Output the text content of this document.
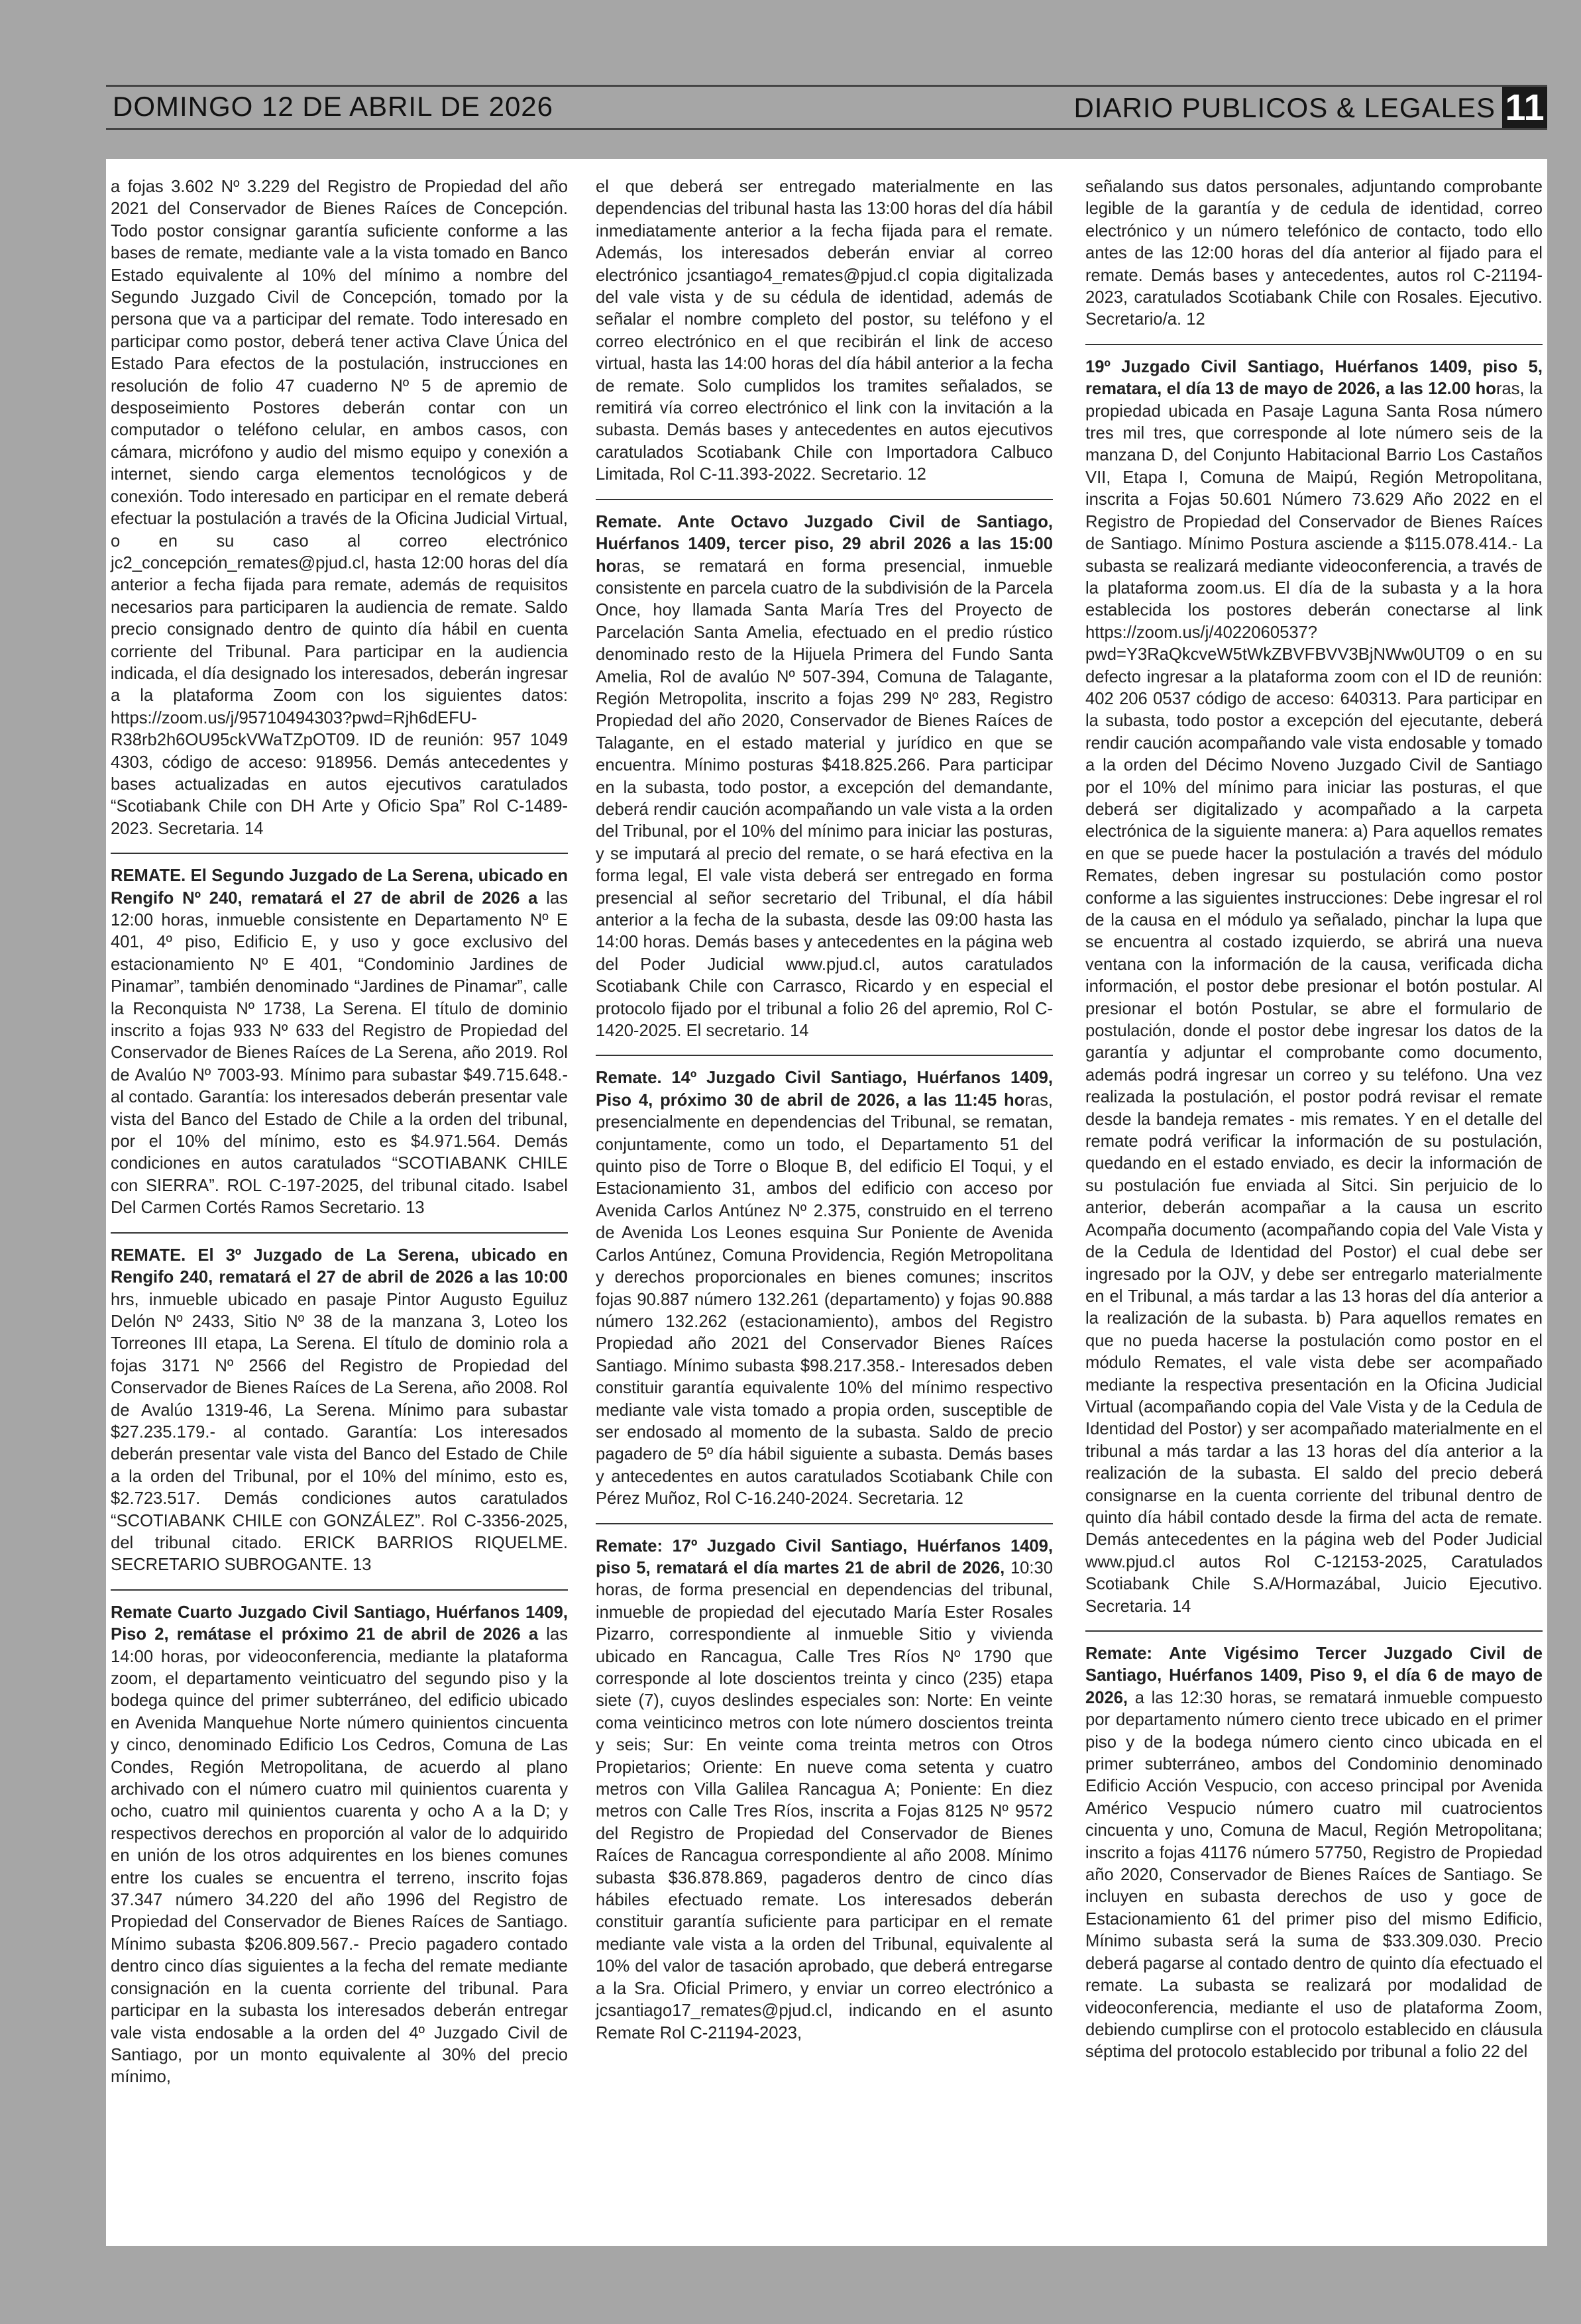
DOMINGO 12 DE ABRIL DE 2026	DIARIO PUBLICOS & LEGALES 11

a fojas 3.602 Nº 3.229 del Registro de Propiedad del año 2021 del Conservador de Bienes Raíces de Concepción. Todo postor consignar garantía suficiente conforme a las bases de remate, mediante vale a la vista tomado en Banco Estado equivalente al 10% del mínimo a nombre del Segundo Juzgado Civil de Concepción, tomado por la persona que va a participar del remate. Todo interesado en participar como postor, deberá tener activa Clave Única del Estado Para efectos de la postulación, instrucciones en resolución de folio 47 cuaderno Nº 5 de apremio de desposeimiento Postores deberán contar con un computador o teléfono celular, en ambos casos, con cámara, micrófono y audio del mismo equipo y conexión a internet, siendo carga elementos tecnológicos y de conexión. Todo interesado en participar en el remate deberá efectuar la postulación a través de la Oficina Judicial Virtual, o en su caso al correo electrónico jc2_concepción_remates@pjud.cl, hasta 12:00 horas del día anterior a fecha fijada para remate, además de requisitos necesarios para participaren la audiencia de remate. Saldo precio consignado dentro de quinto día hábil en cuenta corriente del Tribunal. Para participar en la audiencia indicada, el día designado los interesados, deberán ingresar a la plataforma Zoom con los siguientes datos: https://zoom.us/j/95710494303?pwd=Rjh6dEFU-R38rb2h6OU95ckVWaTZpOT09. ID de reunión: 957 1049 4303, código de acceso: 918956. Demás antecedentes y bases actualizadas en autos ejecutivos caratulados “Scotiabank Chile con DH Arte y Oficio Spa” Rol C-1489-2023. Secretaria. 14

REMATE. El Segundo Juzgado de La Serena, ubicado en Rengifo Nº 240, rematará el 27 de abril de 2026 a las 12:00 horas, inmueble consistente en Departamento Nº E 401, 4º piso, Edificio E, y uso y goce exclusivo del estacionamiento Nº E 401, “Condominio Jardines de Pinamar”, también denominado “Jardines de Pinamar”, calle la Reconquista Nº 1738, La Serena. El título de dominio inscrito a fojas 933 Nº 633 del Registro de Propiedad del Conservador de Bienes Raíces de La Serena, año 2019. Rol de Avalúo Nº 7003-93. Mínimo para subastar $49.715.648.- al contado. Garantía: los interesados deberán presentar vale vista del Banco del Estado de Chile a la orden del tribunal, por el 10% del mínimo, esto es $4.971.564. Demás condiciones en autos caratulados “SCOTIABANK CHILE con SIERRA”. ROL C-197-2025, del tribunal citado. Isabel Del Carmen Cortés Ramos Secretario. 13

REMATE. El 3º Juzgado de La Serena, ubicado en Rengifo 240, rematará el 27 de abril de 2026 a las 10:00 hrs, inmueble ubicado en pasaje Pintor Augusto Eguiluz Delón Nº 2433, Sitio Nº 38 de la manzana 3, Loteo los Torreones III etapa, La Serena. El título de dominio rola a fojas 3171 Nº 2566 del Registro de Propiedad del Conservador de Bienes Raíces de La Serena, año 2008. Rol de Avalúo 1319-46, La Serena. Mínimo para subastar $27.235.179.- al contado. Garantía: Los interesados deberán presentar vale vista del Banco del Estado de Chile a la orden del Tribunal, por el 10% del mínimo, esto es, $2.723.517. Demás condiciones autos caratulados “SCOTIABANK CHILE con GONZÁLEZ”. Rol C-3356-2025, del tribunal citado. ERICK BARRIOS RIQUELME. SECRETARIO SUBROGANTE. 13

Remate Cuarto Juzgado Civil Santiago, Huérfanos 1409, Piso 2, remátase el próximo 21 de abril de 2026 a las 14:00 horas, por videoconferencia, mediante la plataforma zoom, el departamento veinticuatro del segundo piso y la bodega quince del primer subterráneo, del edificio ubicado en Avenida Manquehue Norte número quinientos cincuenta y cinco, denominado Edificio Los Cedros, Comuna de Las Condes, Región Metropolitana, de acuerdo al plano archivado con el número cuatro mil quinientos cuarenta y ocho, cuatro mil quinientos cuarenta y ocho A a la D; y respectivos derechos en proporción al valor de lo adquirido en unión de los otros adquirentes en los bienes comunes entre los cuales se encuentra el terreno, inscrito fojas 37.347 número 34.220 del año 1996 del Registro de Propiedad del Conservador de Bienes Raíces de Santiago. Mínimo subasta $206.809.567.- Precio pagadero contado dentro cinco días siguientes a la fecha del remate mediante consignación en la cuenta corriente del tribunal. Para participar en la subasta los interesados deberán entregar vale vista endosable a la orden del 4º Juzgado Civil de Santiago, por un monto equivalente al 30% del precio mínimo,

el que deberá ser entregado materialmente en las dependencias del tribunal hasta las 13:00 horas del día hábil inmediatamente anterior a la fecha fijada para el remate. Además, los interesados deberán enviar al correo electrónico jcsantiago4_remates@pjud.cl copia digitalizada del vale vista y de su cédula de identidad, además de señalar el nombre completo del postor, su teléfono y el correo electrónico en el que recibirán el link de acceso virtual, hasta las 14:00 horas del día hábil anterior a la fecha de remate. Solo cumplidos los tramites señalados, se remitirá vía correo electrónico el link con la invitación a la subasta. Demás bases y antecedentes en autos ejecutivos caratulados Scotiabank Chile con Importadora Calbuco Limitada, Rol C-11.393-2022. Secretario. 12

Remate. Ante Octavo Juzgado Civil de Santiago, Huérfanos 1409, tercer piso, 29 abril 2026 a las 15:00 horas, se rematará en forma presencial, inmueble consistente en parcela cuatro de la subdivisión de la Parcela Once, hoy llamada Santa María Tres del Proyecto de Parcelación Santa Amelia, efectuado en el predio rústico denominado resto de la Hijuela Primera del Fundo Santa Amelia, Rol de avalúo Nº 507-394, Comuna de Talagante, Región Metropolita, inscrito a fojas 299 Nº 283, Registro Propiedad del año 2020, Conservador de Bienes Raíces de Talagante, en el estado material y jurídico en que se encuentra. Mínimo posturas $418.825.266. Para participar en la subasta, todo postor, a excepción del demandante, deberá rendir caución acompañando un vale vista a la orden del Tribunal, por el 10% del mínimo para iniciar las posturas, y se imputará al precio del remate, o se hará efectiva en la forma legal, El vale vista deberá ser entregado en forma presencial al señor secretario del Tribunal, el día hábil anterior a la fecha de la subasta, desde las 09:00 hasta las 14:00 horas. Demás bases y antecedentes en la página web del Poder Judicial www.pjud.cl, autos caratulados Scotiabank Chile con Carrasco, Ricardo y en especial el protocolo fijado por el tribunal a folio 26 del apremio, Rol C-1420-2025. El secretario. 14

Remate. 14º Juzgado Civil Santiago, Huérfanos 1409, Piso 4, próximo 30 de abril de 2026, a las 11:45 horas, presencialmente en dependencias del Tribunal, se rematan, conjuntamente, como un todo, el Departamento 51 del quinto piso de Torre o Bloque B, del edificio El Toqui, y el Estacionamiento 31, ambos del edificio con acceso por Avenida Carlos Antúnez Nº 2.375, construido en el terreno de Avenida Los Leones esquina Sur Poniente de Avenida Carlos Antúnez, Comuna Providencia, Región Metropolitana y derechos proporcionales en bienes comunes; inscritos fojas 90.887 número 132.261 (departamento) y fojas 90.888 número 132.262 (estacionamiento), ambos del Registro Propiedad año 2021 del Conservador Bienes Raíces Santiago. Mínimo subasta $98.217.358.- Interesados deben constituir garantía equivalente 10% del mínimo respectivo mediante vale vista tomado a propia orden, susceptible de ser endosado al momento de la subasta. Saldo de precio pagadero de 5º día hábil siguiente a subasta. Demás bases y antecedentes en autos caratulados Scotiabank Chile con Pérez Muñoz, Rol C-16.240-2024. Secretaria. 12

Remate: 17º Juzgado Civil Santiago, Huérfanos 1409, piso 5, rematará el día martes 21 de abril de 2026, 10:30 horas, de forma presencial en dependencias del tribunal, inmueble de propiedad del ejecutado María Ester Rosales Pizarro, correspondiente al inmueble Sitio y vivienda ubicado en Rancagua, Calle Tres Ríos Nº 1790 que corresponde al lote doscientos treinta y cinco (235) etapa siete (7), cuyos deslindes especiales son: Norte: En veinte coma veinticinco metros con lote número doscientos treinta y seis; Sur: En veinte coma treinta metros con Otros Propietarios; Oriente: En nueve coma setenta y cuatro metros con Villa Galilea Rancagua A; Poniente: En diez metros con Calle Tres Ríos, inscrita a Fojas 8125 Nº 9572 del Registro de Propiedad del Conservador de Bienes Raíces de Rancagua correspondiente al año 2008. Mínimo subasta $36.878.869, pagaderos dentro de cinco días hábiles efectuado remate. Los interesados deberán constituir garantía suficiente para participar en el remate mediante vale vista a la orden del Tribunal, equivalente al 10% del valor de tasación aprobado, que deberá entregarse a la Sra. Oficial Primero, y enviar un correo electrónico a jcsantiago17_remates@pjud.cl, indicando en el asunto Remate Rol C-21194-2023,

señalando sus datos personales, adjuntando comprobante legible de la garantía y de cedula de identidad, correo electrónico y un número telefónico de contacto, todo ello antes de las 12:00 horas del día anterior al fijado para el remate. Demás bases y antecedentes, autos rol C-21194-2023, caratulados Scotiabank Chile con Rosales. Ejecutivo. Secretario/a. 12

19º Juzgado Civil Santiago, Huérfanos 1409, piso 5, rematara, el día 13 de mayo de 2026, a las 12.00 horas, la propiedad ubicada en Pasaje Laguna Santa Rosa número tres mil tres, que corresponde al lote número seis de la manzana D, del Conjunto Habitacional Barrio Los Castaños VII, Etapa I, Comuna de Maipú, Región Metropolitana, inscrita a Fojas 50.601 Número 73.629 Año 2022 en el Registro de Propiedad del Conservador de Bienes Raíces de Santiago. Mínimo Postura asciende a $115.078.414.- La subasta se realizará mediante videoconferencia, a través de la plataforma zoom.us. El día de la subasta y a la hora establecida los postores deberán conectarse al link https://zoom.us/j/4022060537?pwd=Y3RaQkcveW5tWkZBVFBVV3BjNWw0UT09 o en su defecto ingresar a la plataforma zoom con el ID de reunión: 402 206 0537 código de acceso: 640313. Para participar en la subasta, todo postor a excepción del ejecutante, deberá rendir caución acompañando vale vista endosable y tomado a la orden del Décimo Noveno Juzgado Civil de Santiago por el 10% del mínimo para iniciar las posturas, el que deberá ser digitalizado y acompañado a la carpeta electrónica de la siguiente manera: a) Para aquellos remates en que se puede hacer la postulación a través del módulo Remates, deben ingresar su postulación como postor conforme a las siguientes instrucciones: Debe ingresar el rol de la causa en el módulo ya señalado, pinchar la lupa que se encuentra al costado izquierdo, se abrirá una nueva ventana con la información de la causa, verificada dicha información, el postor debe presionar el botón postular. Al presionar el botón Postular, se abre el formulario de postulación, donde el postor debe ingresar los datos de la garantía y adjuntar el comprobante como documento, además podrá ingresar un correo y su teléfono. Una vez realizada la postulación, el postor podrá revisar el remate desde la bandeja remates - mis remates. Y en el detalle del remate podrá verificar la información de su postulación, quedando en el estado enviado, es decir la información de su postulación fue enviada al Sitci. Sin perjuicio de lo anterior, deberán acompañar a la causa un escrito Acompaña documento (acompañando copia del Vale Vista y de la Cedula de Identidad del Postor) el cual debe ser ingresado por la OJV, y debe ser entregarlo materialmente en el Tribunal, a más tardar a las 13 horas del día anterior a la realización de la subasta. b) Para aquellos remates en que no pueda hacerse la postulación como postor en el módulo Remates, el vale vista debe ser acompañado mediante la respectiva presentación en la Oficina Judicial Virtual (acompañando copia del Vale Vista y de la Cedula de Identidad del Postor) y ser acompañado materialmente en el tribunal a más tardar a las 13 horas del día anterior a la realización de la subasta. El saldo del precio deberá consignarse en la cuenta corriente del tribunal dentro de quinto día hábil contado desde la firma del acta de remate. Demás antecedentes en la página web del Poder Judicial www.pjud.cl autos Rol C-12153-2025, Caratulados Scotiabank Chile S.A/Hormazábal, Juicio Ejecutivo. Secretaria. 14

Remate: Ante Vigésimo Tercer Juzgado Civil de Santiago, Huérfanos 1409, Piso 9, el día 6 de mayo de 2026, a las 12:30 horas, se rematará inmueble compuesto por departamento número ciento trece ubicado en el primer piso y de la bodega número ciento cinco ubicada en el primer subterráneo, ambos del Condominio denominado Edificio Acción Vespucio, con acceso principal por Avenida Américo Vespucio número cuatro mil cuatrocientos cincuenta y uno, Comuna de Macul, Región Metropolitana; inscrito a fojas 41176 número 57750, Registro de Propiedad año 2020, Conservador de Bienes Raíces de Santiago. Se incluyen en subasta derechos de uso y goce de Estacionamiento 61 del primer piso del mismo Edificio, Mínimo subasta será la suma de $33.309.030. Precio deberá pagarse al contado dentro de quinto día efectuado el remate. La subasta se realizará por modalidad de videoconferencia, mediante el uso de plataforma Zoom, debiendo cumplirse con el protocolo establecido en cláusula séptima del protocolo establecido por tribunal a folio 22 del
